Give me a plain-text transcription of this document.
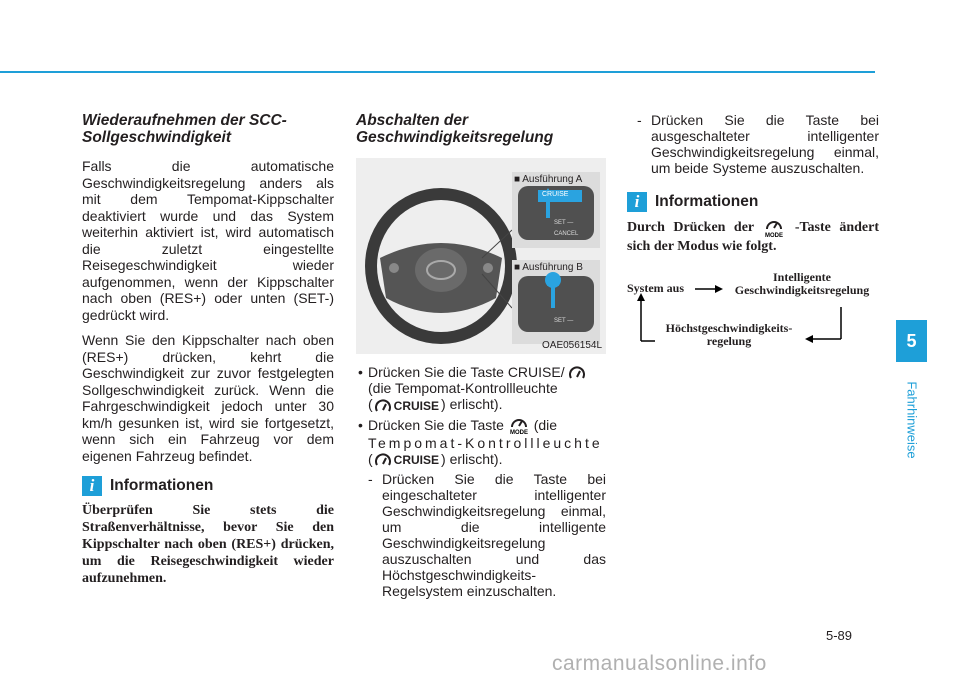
Wiederaufnehmen der SCC-Sollgeschwindigkeit

Falls die automatische Geschwindigkeitsregelung anders als mit dem Tempomat-Kippschalter deaktiviert wurde und das System weiterhin aktiviert ist, wird automatisch die zuletzt eingestellte Reisegeschwindigkeit wieder aufgenommen, wenn der Kippschalter nach oben (RES+) oder unten (SET-) gedrückt wird.

Wenn Sie den Kippschalter nach oben (RES+) drücken, kehrt die Geschwindigkeit zur zuvor festgelegten Sollgeschwindigkeit zurück. Wenn die Fahrgeschwindigkeit jedoch unter 30 km/h gesunken ist, wird sie fortgesetzt, wenn sich ein Fahrzeug vor dem eigenen Fahrzeug befindet.

i	Informationen

Überprüfen Sie stets die Straßenverhältnisse, bevor Sie den Kippschalter nach oben (RES+) drücken, um die Reisegeschwindigkeit wieder aufzunehmen.

Abschalten der Geschwindigkeitsregelung
■ Ausführung A
■ Ausführung B
CRUISE
SET —
CANCEL
SET —
OAE056154L
• Drücken Sie die Taste CRUISE/
(die Tempomat-Kontrollleuchte
( CRUISE ) erlischt).
• Drücken Sie die Taste
MODE
(die
Tempomat-Kontrollleuchte
( CRUISE ) erlischt).
- Drücken Sie die Taste bei eingeschalteter intelligenter Geschwindigkeitsregelung einmal, um die intelligente Geschwindigkeitsregelung auszuschalten und das Höchstgeschwindigkeits-Regelsystem einzuschalten.
- Drücken Sie die Taste bei ausgeschalteter intelligenter Geschwindigkeitsregelung einmal, um beide Systeme auszuschalten.
i	Informationen

Durch Drücken der
MODE
-Taste ändert sich der Modus wie folgt.

System aus
Intelligente
Geschwindigkeitsregelung
Höchstgeschwindigkeits-
regelung	5
Fahrhinweise
5-89
carmanualsonline.info
